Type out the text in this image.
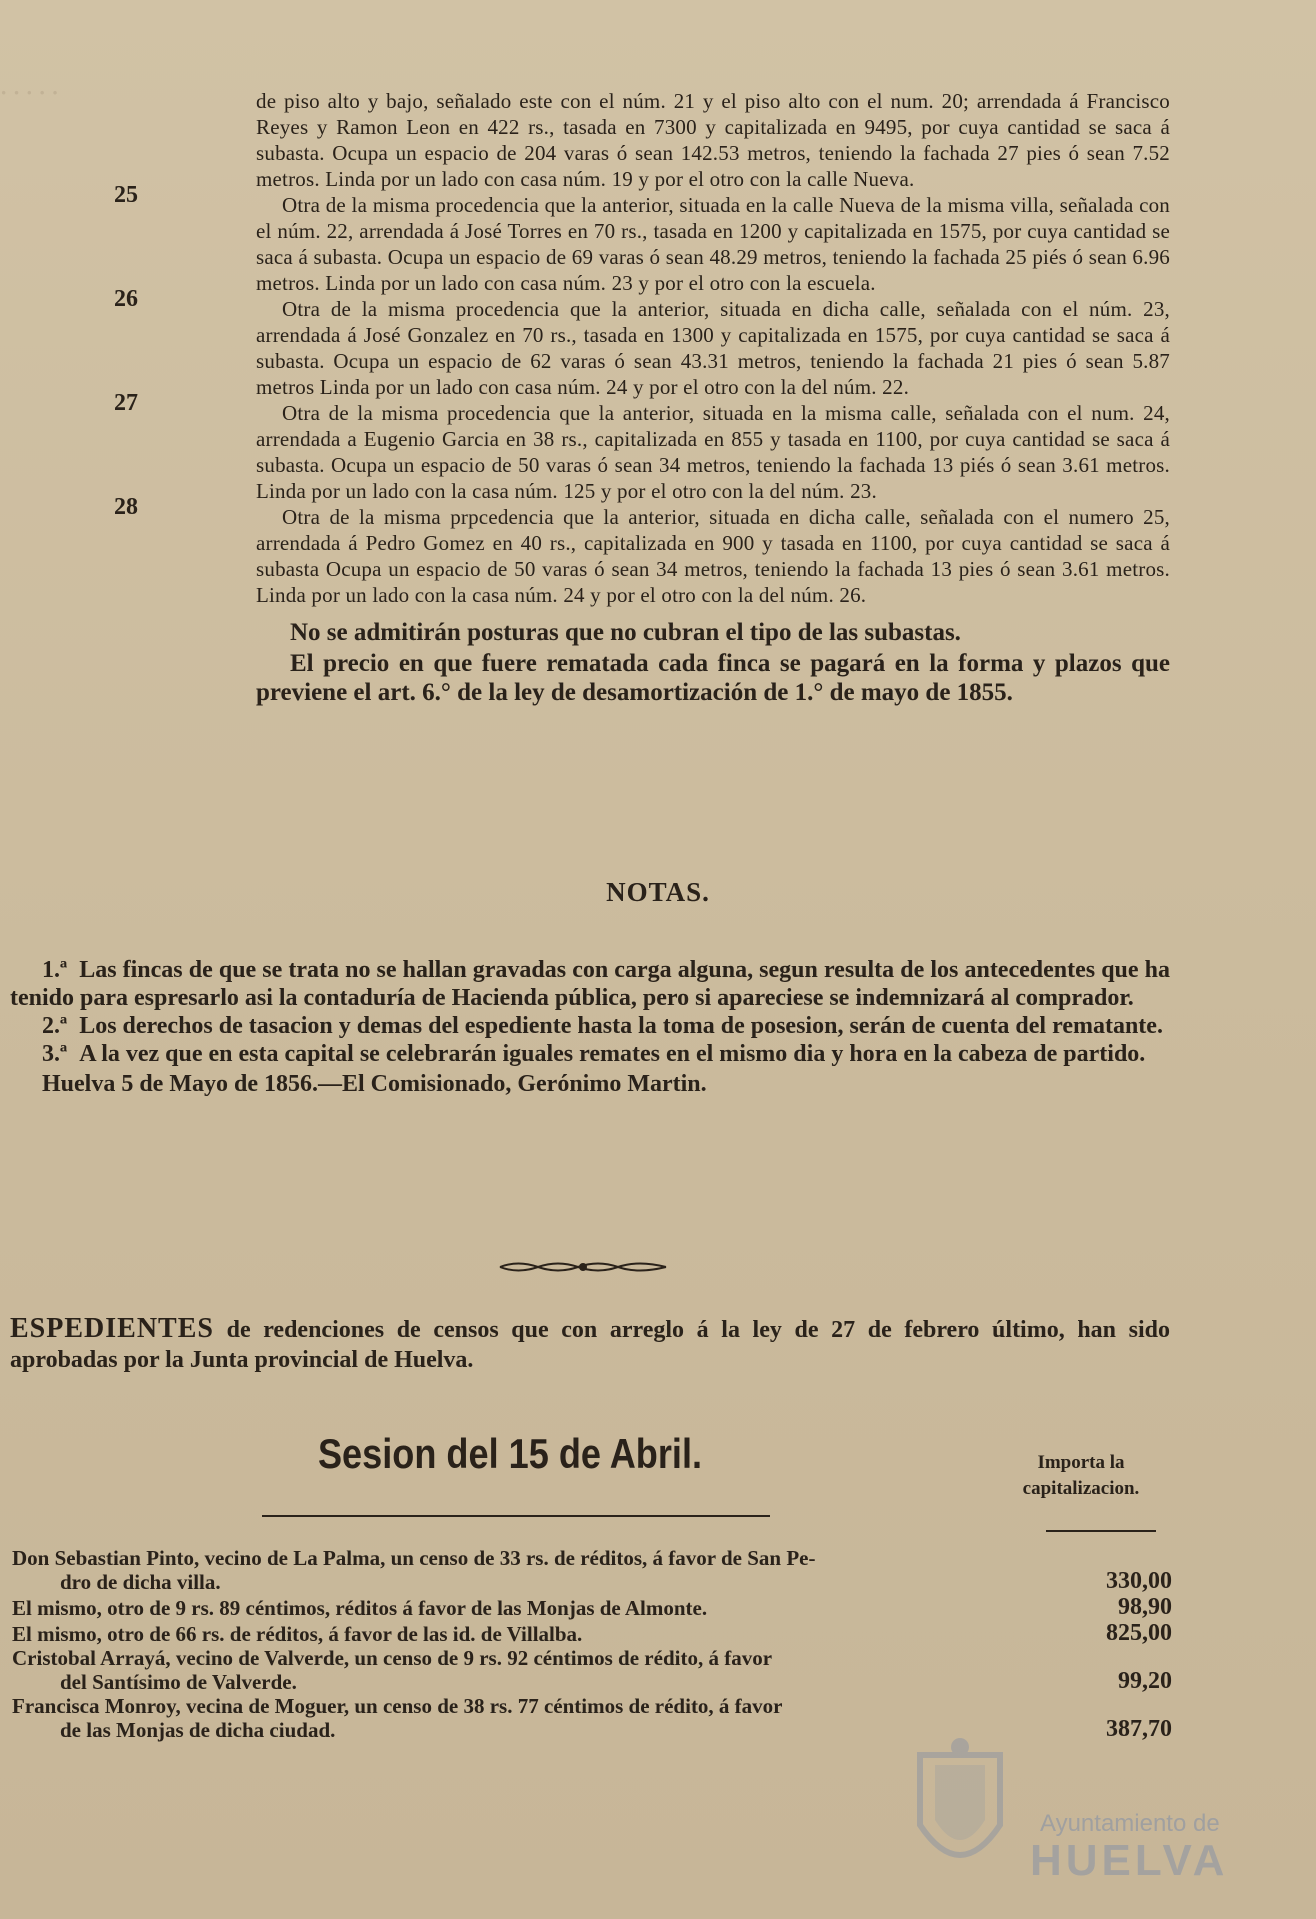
· · · · ·	de piso alto y bajo, señalado este con el núm. 21 y el piso alto con el num. 20; arrendada á Francisco Reyes y Ramon Leon en 422 rs., tasada en 7300 y capitalizada en 9495, por cuya cantidad se saca á subasta. Ocupa un espacio de 204 varas ó sean 142.53 metros, teniendo la fachada 27 pies ó sean 7.52 metros. Linda por un lado con casa núm. 19 y por el otro con la calle Nueva.

25	Otra de la misma procedencia que la anterior, situada en la calle Nueva de la misma villa, señalada con el núm. 22, arrendada á José Torres en 70 rs., tasada en 1200 y capitalizada en 1575, por cuya cantidad se saca á subasta. Ocupa un espacio de 69 varas ó sean 48.29 metros, teniendo la fachada 25 piés ó sean 6.96 metros. Linda por un lado con casa núm. 23 y por el otro con la escuela.

26	Otra de la misma procedencia que la anterior, situada en dicha calle, señalada con el núm. 23, arrendada á José Gonzalez en 70 rs., tasada en 1300 y capitalizada en 1575, por cuya cantidad se saca á subasta. Ocupa un espacio de 62 varas ó sean 43.31 metros, teniendo la fachada 21 pies ó sean 5.87 metros Linda por un lado con casa núm. 24 y por el otro con la del núm. 22.

27	Otra de la misma procedencia que la anterior, situada en la misma calle, señalada con el num. 24, arrendada a Eugenio Garcia en 38 rs., capitalizada en 855 y tasada en 1100, por cuya cantidad se saca á subasta. Ocupa un espacio de 50 varas ó sean 34 metros, teniendo la fachada 13 piés ó sean 3.61 metros. Linda por un lado con la casa núm. 125 y por el otro con la del núm. 23.

28	Otra de la misma prpcedencia que la anterior, situada en dicha calle, señalada con el numero 25, arrendada á Pedro Gomez en 40 rs., capitalizada en 900 y tasada en 1100, por cuya cantidad se saca á subasta Ocupa un espacio de 50 varas ó sean 34 metros, teniendo la fachada 13 pies ó sean 3.61 metros. Linda por un lado con la casa núm. 24 y por el otro con la del núm. 26.

No se admitirán posturas que no cubran el tipo de las subastas.

El precio en que fuere rematada cada finca se pagará en la forma y plazos que previene el art. 6.° de la ley de desamortización de 1.° de mayo de 1855.

NOTAS.

1.ª Las fincas de que se trata no se hallan gravadas con carga alguna, segun resulta de los antecedentes que ha tenido para espresarlo asi la contaduría de Hacienda pública, pero si apareciese se indemnizará al comprador.

2.ª Los derechos de tasacion y demas del espediente hasta la toma de posesion, serán de cuenta del rematante.

3.ª A la vez que en esta capital se celebrarán iguales remates en el mismo dia y hora en la cabeza de partido.

Huelva 5 de Mayo de 1856.—El Comisionado, Gerónimo Martin.

ESPEDIENTES de redenciones de censos que con arreglo á la ley de 27 de febrero último, han sido aprobadas por la Junta provincial de Huelva.

Sesion del 15 de Abril.	Importa la capitalizacion.
Don Sebastian Pinto, vecino de La Palma, un censo de 33 rs. de réditos, á favor de San Pe-
dro de dicha villa.	330,00
El mismo, otro de 9 rs. 89 céntimos, réditos á favor de las Monjas de Almonte.	98,90
El mismo, otro de 66 rs. de réditos, á favor de las id. de Villalba.	825,00
Cristobal Arrayá, vecino de Valverde, un censo de 9 rs. 92 céntimos de rédito, á favor
del Santísimo de Valverde.	99,20
Francisca Monroy, vecina de Moguer, un censo de 38 rs. 77 céntimos de rédito, á favor
de las Monjas de dicha ciudad.	387,70
Ayuntamiento de
HUELVA
